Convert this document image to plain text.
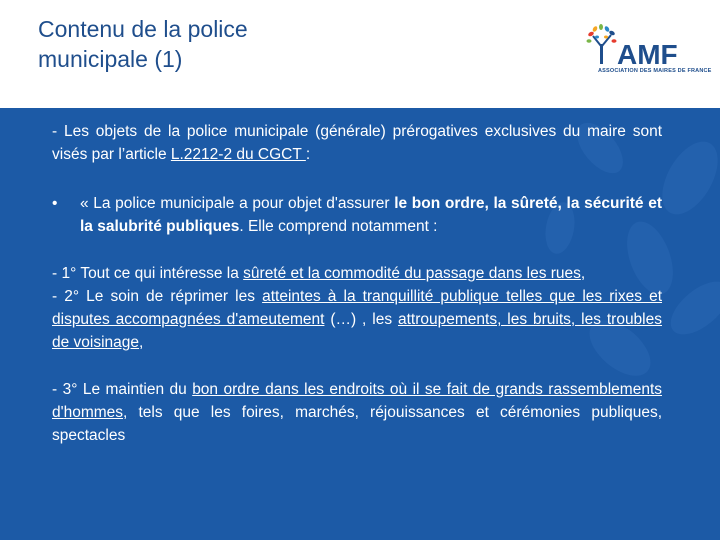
Contenu de la police
municipale (1)	AMF
ASSOCIATION DES MAIRES DE FRANCE

- Les objets de la police municipale (générale) prérogatives exclusives du maire sont visés par l’article L.2212-2 du CGCT :

• « La police municipale a pour objet d'assurer le bon ordre, la sûreté, la sécurité et la salubrité publiques. Elle comprend notamment :

- 1° Tout ce qui intéresse la sûreté et la commodité du passage dans les rues,

- 2° Le soin de réprimer les atteintes à la tranquillité publique telles que les rixes et disputes accompagnées d'ameutement (…) , les attroupements, les bruits, les troubles de voisinage,

- 3° Le maintien du bon ordre dans les endroits où il se fait de grands rassemblements d'hommes, tels que les foires, marchés, réjouissances et cérémonies publiques, spectacles
